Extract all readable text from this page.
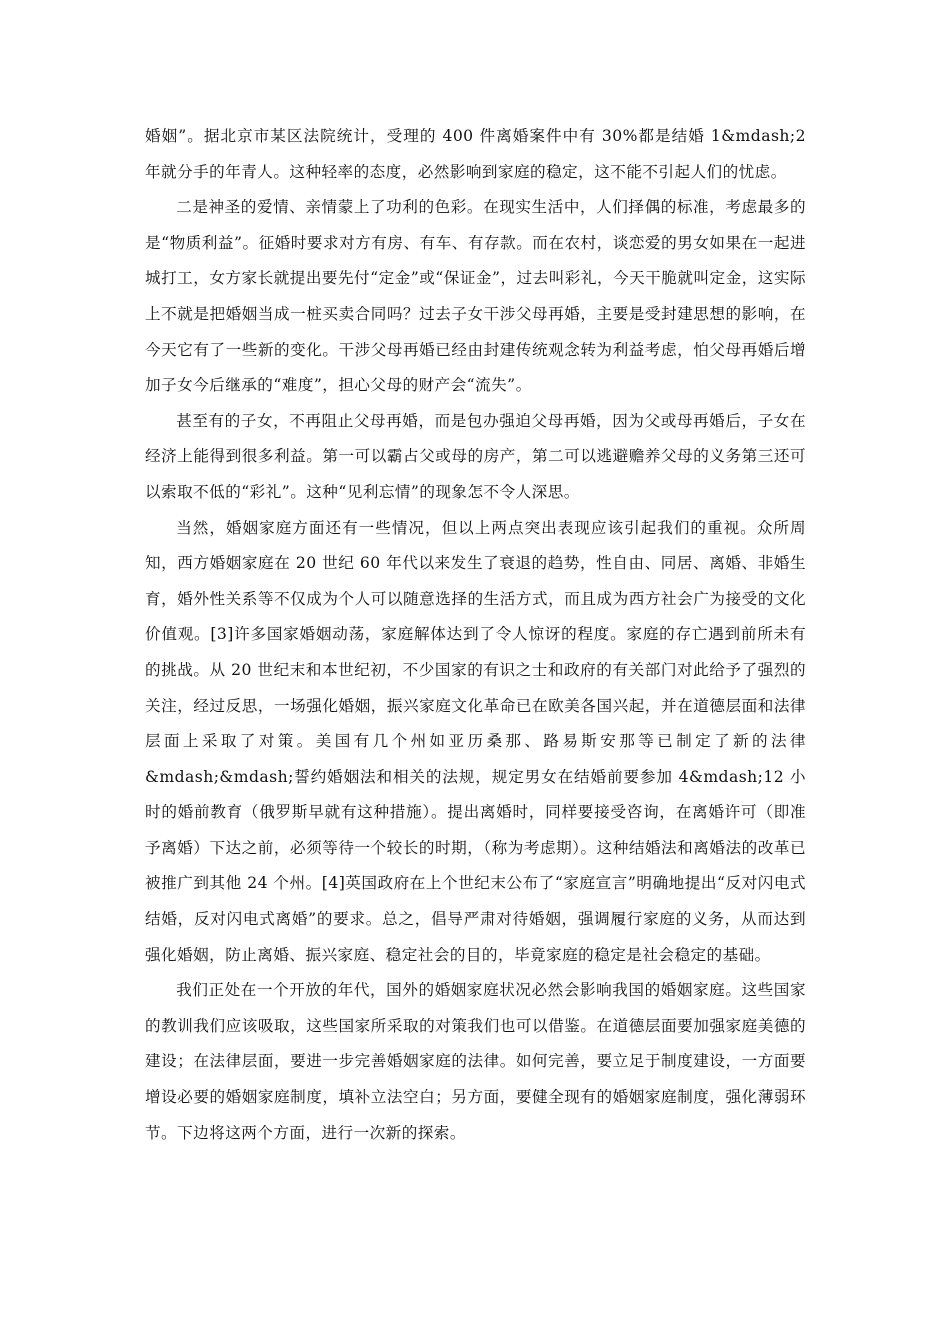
婚姻”。据北京市某区法院统计，受理的 400 件离婚案件中有 30%都是结婚 1&mdash;2 年就分手的年青人。这种轻率的态度，必然影响到家庭的稳定，这不能不引起人们的忧虑。

二是神圣的爱情、亲情蒙上了功利的色彩。在现实生活中，人们择偶的标准，考虑最多的是“物质利益”。征婚时要求对方有房、有车、有存款。而在农村，谈恋爱的男女如果在一起进城打工，女方家长就提出要先付“定金”或“保证金”，过去叫彩礼，今天干脆就叫定金，这实际上不就是把婚姻当成一桩买卖合同吗？过去子女干涉父母再婚，主要是受封建思想的影响，在今天它有了一些新的变化。干涉父母再婚已经由封建传统观念转为利益考虑，怕父母再婚后增加子女今后继承的“难度”，担心父母的财产会“流失”。

甚至有的子女，不再阻止父母再婚，而是包办强迫父母再婚，因为父或母再婚后，子女在经济上能得到很多利益。第一可以霸占父或母的房产，第二可以逃避赡养父母的义务第三还可以索取不低的“彩礼”。这种“见利忘情”的现象怎不令人深思。

当然，婚姻家庭方面还有一些情况，但以上两点突出表现应该引起我们的重视。众所周知，西方婚姻家庭在 20 世纪 60 年代以来发生了衰退的趋势，性自由、同居、离婚、非婚生育，婚外性关系等不仅成为个人可以随意选择的生活方式，而且成为西方社会广为接受的文化价值观。[3]许多国家婚姻动荡，家庭解体达到了令人惊讶的程度。家庭的存亡遇到前所未有的挑战。从 20 世纪末和本世纪初，不少国家的有识之士和政府的有关部门对此给予了强烈的关注，经过反思，一场强化婚姻，振兴家庭文化革命已在欧美各国兴起，并在道德层面和法律层面上采取了对策。美国有几个州如亚历桑那、路易斯安那等已制定了新的法律&mdash;&mdash;誓约婚姻法和相关的法规，规定男女在结婚前要参加 4&mdash;12 小时的婚前教育（俄罗斯早就有这种措施）。提出离婚时，同样要接受咨询，在离婚许可（即准予离婚）下达之前，必须等待一个较长的时期，（称为考虑期）。这种结婚法和离婚法的改革已被推广到其他 24 个州。[4]英国政府在上个世纪末公布了“家庭宣言”明确地提出“反对闪电式结婚，反对闪电式离婚”的要求。总之，倡导严肃对待婚姻，强调履行家庭的义务，从而达到强化婚姻，防止离婚、振兴家庭、稳定社会的目的，毕竟家庭的稳定是社会稳定的基础。

我们正处在一个开放的年代，国外的婚姻家庭状况必然会影响我国的婚姻家庭。这些国家的教训我们应该吸取，这些国家所采取的对策我们也可以借鉴。在道德层面要加强家庭美德的建设；在法律层面，要进一步完善婚姻家庭的法律。如何完善，要立足于制度建设，一方面要增设必要的婚姻家庭制度，填补立法空白；另方面，要健全现有的婚姻家庭制度，强化薄弱环节。下边将这两个方面，进行一次新的探索。
